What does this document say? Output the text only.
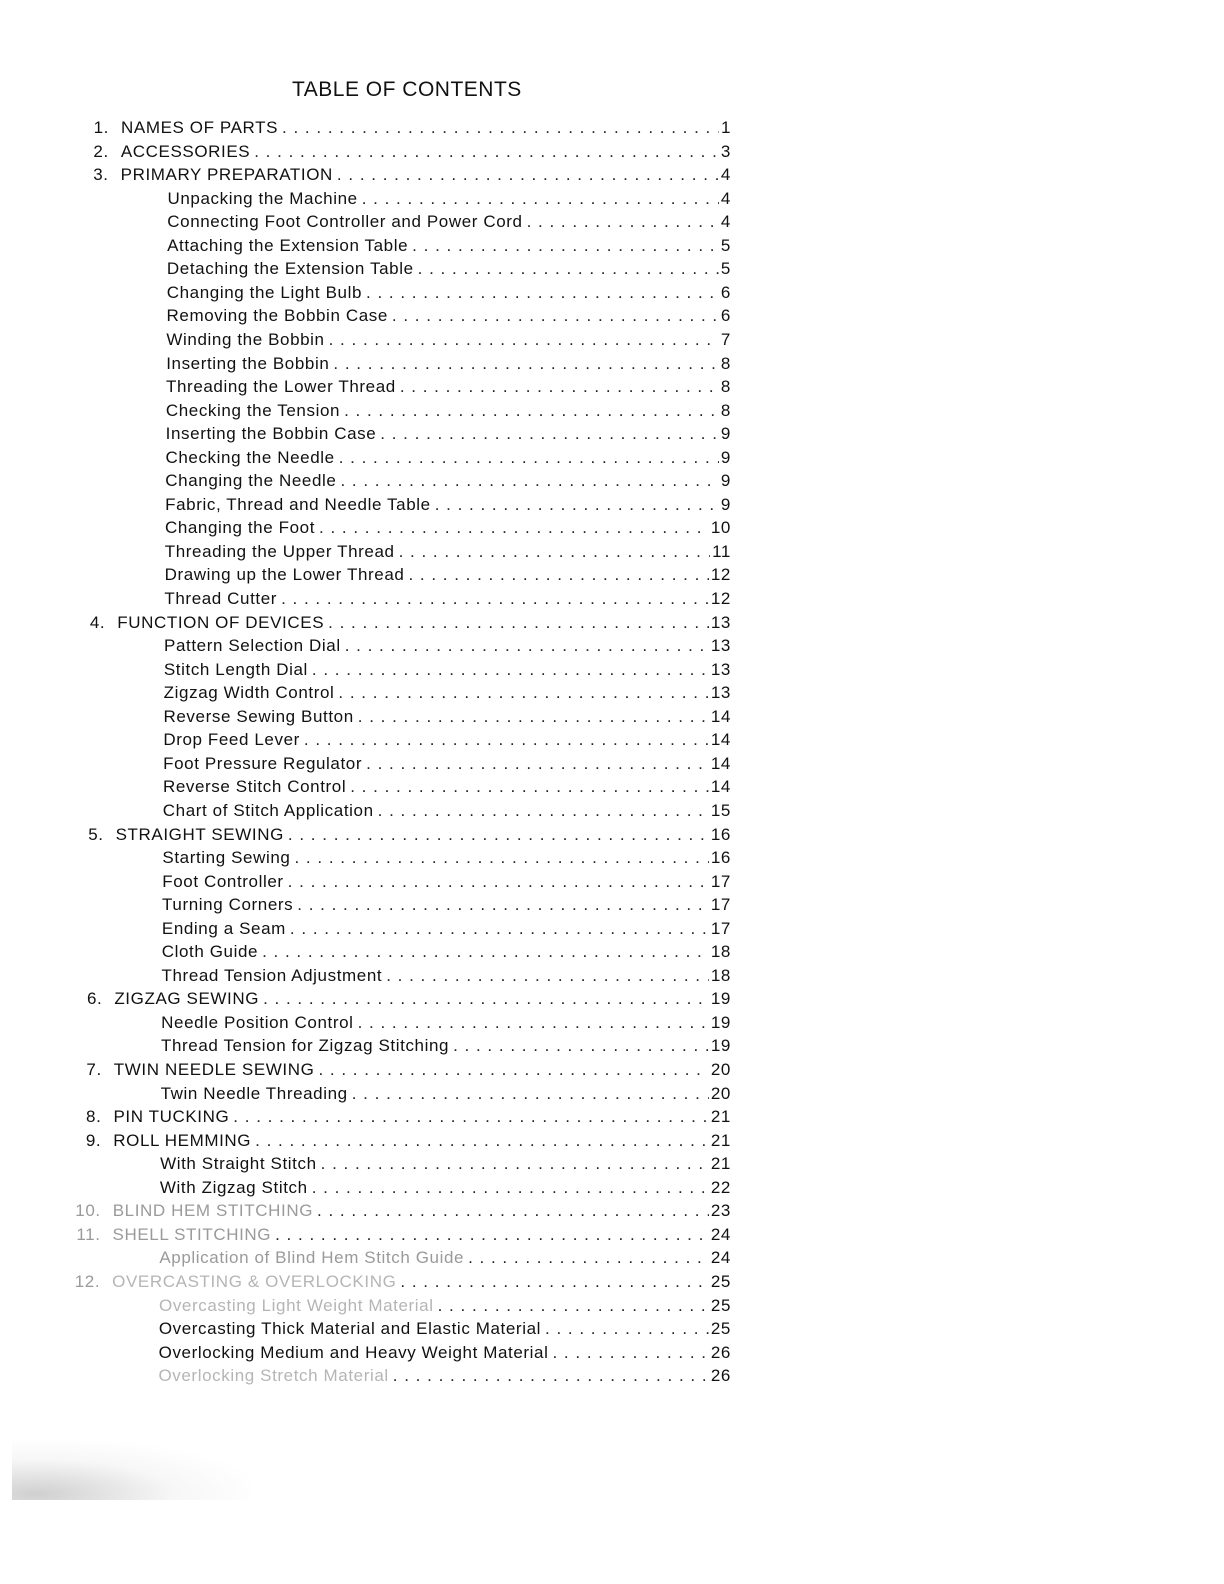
TABLE OF CONTENTS
1. NAMES OF PARTS . . .	1
2. ACCESSORIES . . .	3
3. PRIMARY PREPARATION . . .	4
Unpacking the Machine . . .	4
Connecting Foot Controller and Power Cord . . .	4
Attaching the Extension Table . . .	5
Detaching the Extension Table . . .	5
Changing the Light Bulb . . .	6
Removing the Bobbin Case . . .	6
Winding the Bobbin . . .	7
Inserting the Bobbin . . .	8
Threading the Lower Thread . . .	8
Checking the Tension . . .	8
Inserting the Bobbin Case . . .	9
Checking the Needle . . .	9
Changing the Needle . . .	9
Fabric, Thread and Needle Table . . .	9
Changing the Foot . . .	10
Threading the Upper Thread . . .	11
Drawing up the Lower Thread . . .	12
Thread Cutter . . .	12
4. FUNCTION OF DEVICES . . .	13
Pattern Selection Dial . . .	13
Stitch Length Dial . . .	13
Zigzag Width Control . . .	13
Reverse Sewing Button . . .	14
Drop Feed Lever . . .	14
Foot Pressure Regulator . . .	14
Reverse Stitch Control . . .	14
Chart of Stitch Application . . .	15
5. STRAIGHT SEWING . . .	16
Starting Sewing . . .	16
Foot Controller . . .	17
Turning Corners . . .	17
Ending a Seam . . .	17
Cloth Guide . . .	18
Thread Tension Adjustment . . .	18
6. ZIGZAG SEWING . . .	19
Needle Position Control . . .	19
Thread Tension for Zigzag Stitching . . .	19
7. TWIN NEEDLE SEWING . . .	20
Twin Needle Threading . . .	20
8. PIN TUCKING . . .	21
9. ROLL HEMMING . . .	21
With Straight Stitch . . .	21
With Zigzag Stitch . . .	22
10. BLIND HEM STITCHING . . .	23
11. SHELL STITCHING . . .	24
Application of Blind Hem Stitch Guide . . .	24
12. OVERCASTING & OVERLOCKING . . .	25
Overcasting Light Weight Material . . .	25
Overcasting Thick Material and Elastic Material . . .	25
Overlocking Medium and Heavy Weight Material . . .	26
Overlocking Stretch Material . . .	26
